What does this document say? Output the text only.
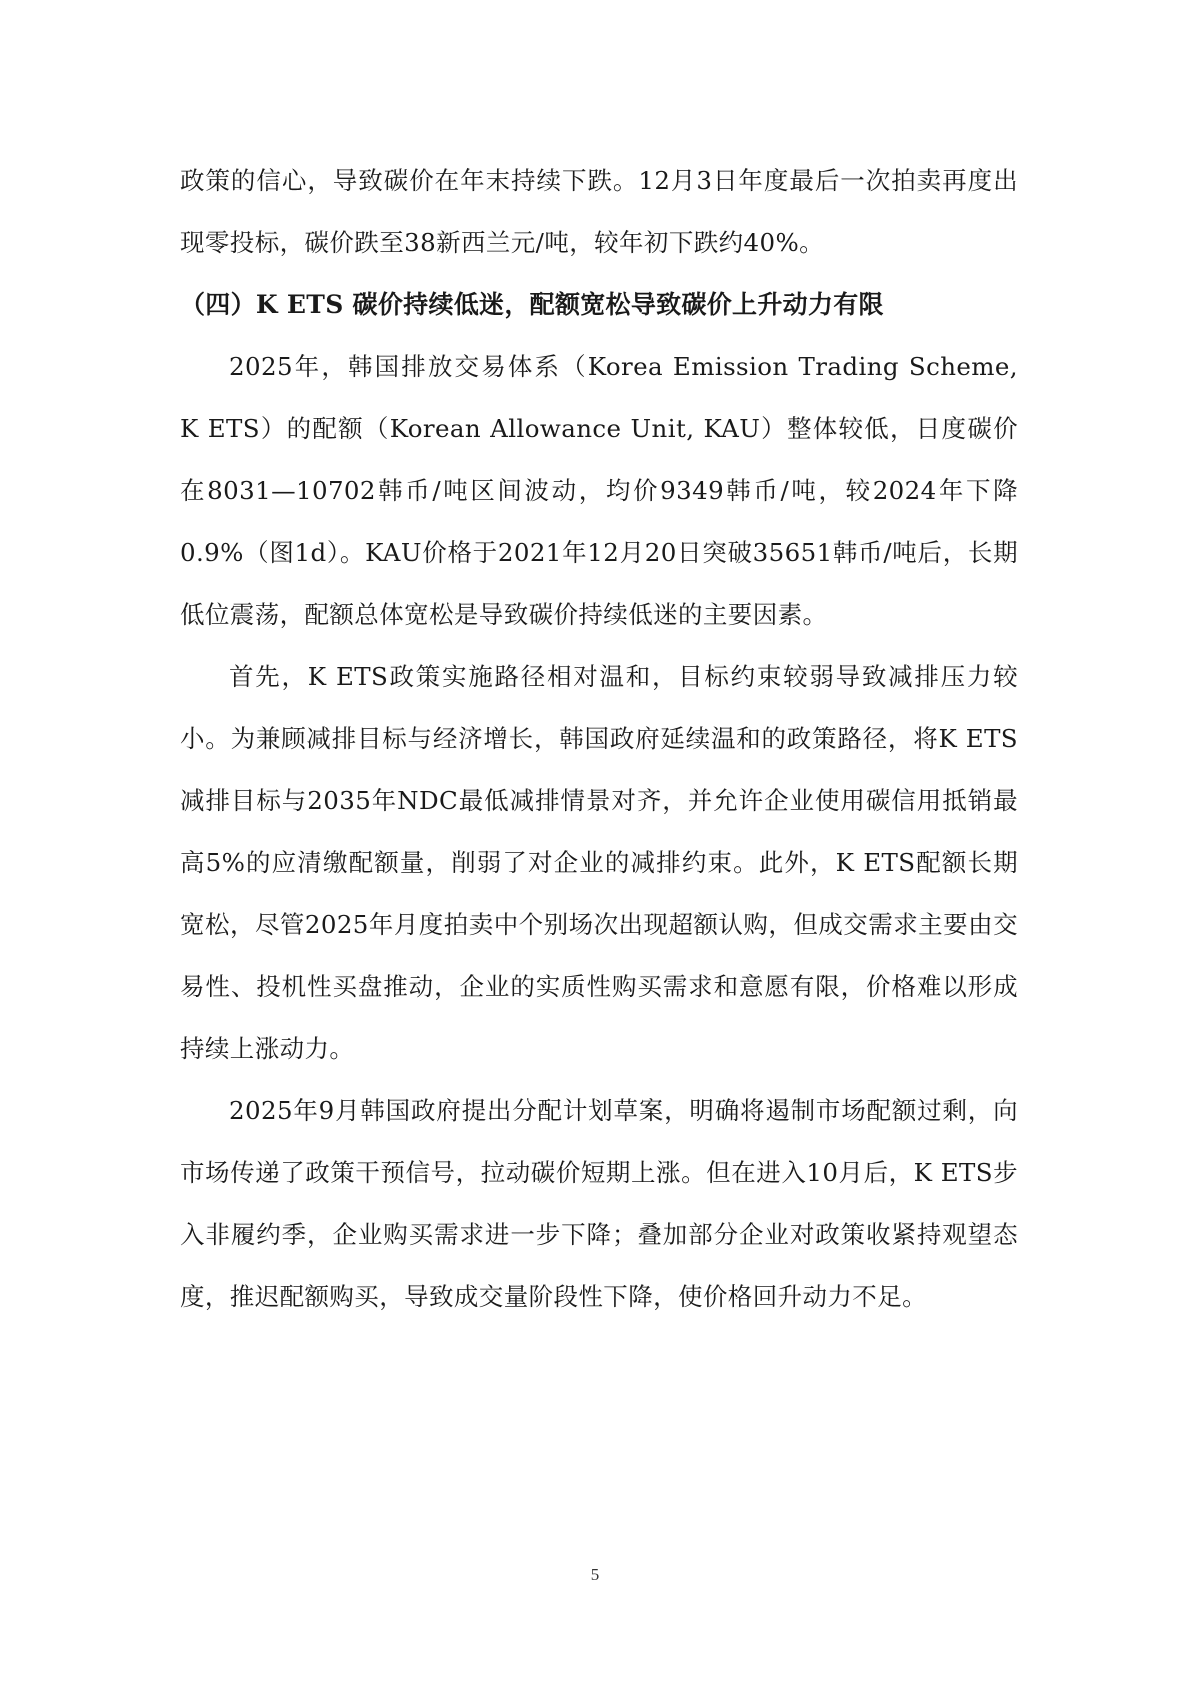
政策的信心，导致碳价在年末持续下跌。12月3日年度最后一次拍卖再度出现零投标，碳价跌至38新西兰元/吨，较年初下跌约40%。

（四）K ETS 碳价持续低迷，配额宽松导致碳价上升动力有限

2025年，韩国排放交易体系（Korea Emission Trading Scheme, K ETS）的配额（Korean Allowance Unit, KAU）整体较低，日度碳价在8031—10702韩币/吨区间波动，均价9349韩币/吨，较2024年下降0.9%（图1d）。KAU价格于2021年12月20日突破35651韩币/吨后，长期低位震荡，配额总体宽松是导致碳价持续低迷的主要因素。

首先，K ETS政策实施路径相对温和，目标约束较弱导致减排压力较小。为兼顾减排目标与经济增长，韩国政府延续温和的政策路径，将K ETS减排目标与2035年NDC最低减排情景对齐，并允许企业使用碳信用抵销最高5%的应清缴配额量，削弱了对企业的减排约束。此外，K ETS配额长期宽松，尽管2025年月度拍卖中个别场次出现超额认购，但成交需求主要由交易性、投机性买盘推动，企业的实质性购买需求和意愿有限，价格难以形成持续上涨动力。

2025年9月韩国政府提出分配计划草案，明确将遏制市场配额过剩，向市场传递了政策干预信号，拉动碳价短期上涨。但在进入10月后，K ETS步入非履约季，企业购买需求进一步下降；叠加部分企业对政策收紧持观望态度，推迟配额购买，导致成交量阶段性下降，使价格回升动力不足。

5
